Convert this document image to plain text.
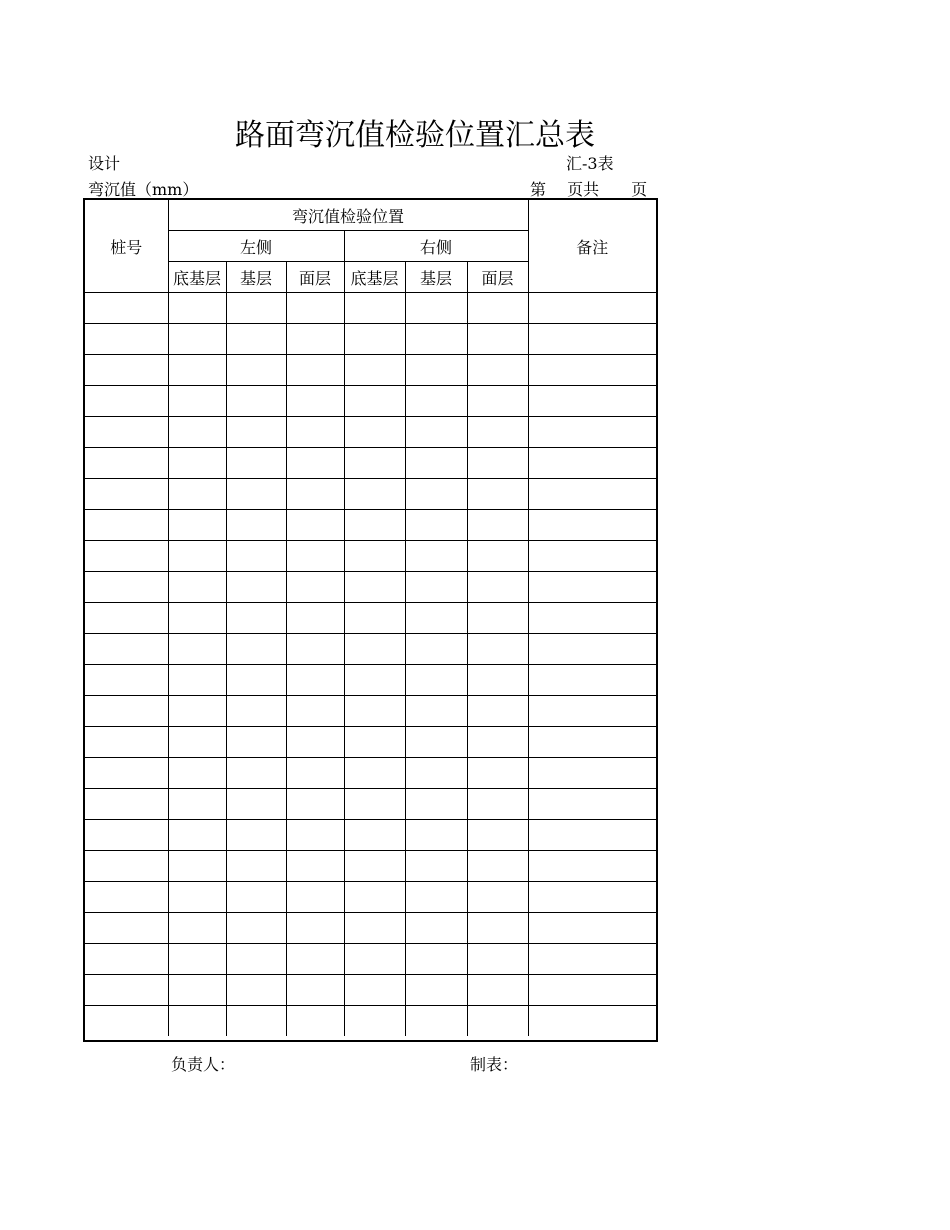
路面弯沉值检验位置汇总表
设计	汇-3表
弯沉值（mm）	第　 页共　　页
桩号	弯沉值检验位置						备注
	左侧			右侧			
	底基层	基层	面层	底基层	基层	面层	

负责人：	制表：
